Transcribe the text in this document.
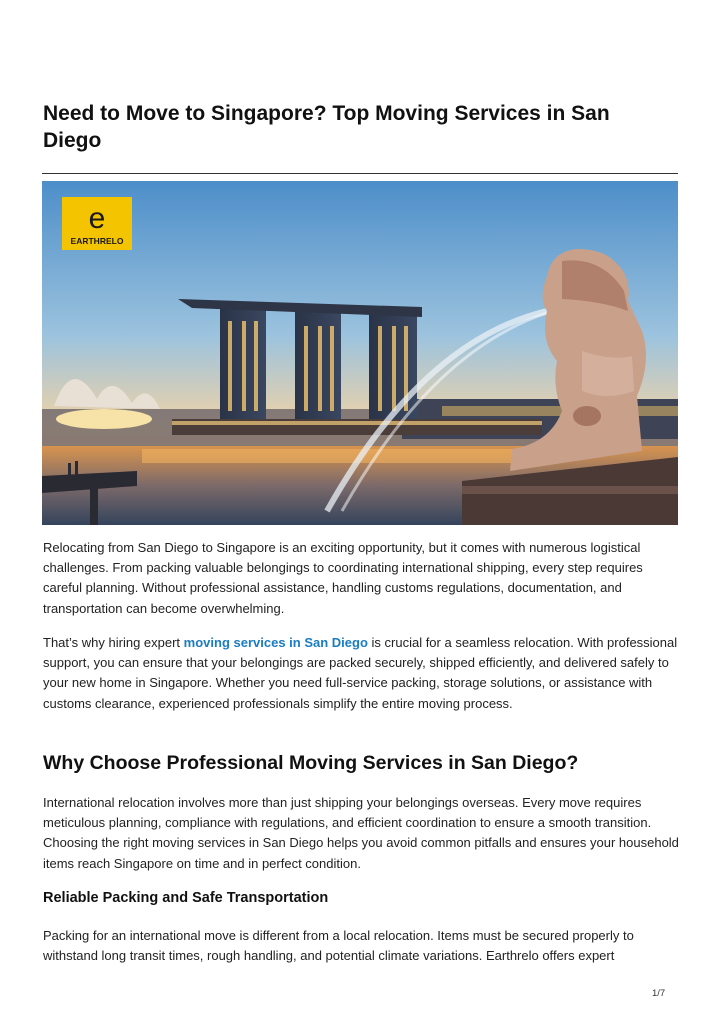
Need to Move to Singapore? Top Moving Services in San Diego
e
EARTHRELO

Relocating from San Diego to Singapore is an exciting opportunity, but it comes with numerous logistical challenges. From packing valuable belongings to coordinating international shipping, every step requires careful planning. Without professional assistance, handling customs regulations, documentation, and transportation can become overwhelming.

That’s why hiring expert moving services in San Diego is crucial for a seamless relocation. With professional support, you can ensure that your belongings are packed securely, shipped efficiently, and delivered safely to your new home in Singapore. Whether you need full-service packing, storage solutions, or assistance with customs clearance, experienced professionals simplify the entire moving process.

Why Choose Professional Moving Services in San Diego?

International relocation involves more than just shipping your belongings overseas. Every move requires meticulous planning, compliance with regulations, and efficient coordination to ensure a smooth transition. Choosing the right moving services in San Diego helps you avoid common pitfalls and ensures your household items reach Singapore on time and in perfect condition.

Reliable Packing and Safe Transportation

Packing for an international move is different from a local relocation. Items must be secured properly to withstand long transit times, rough handling, and potential climate variations. Earthrelo offers expert

1/7
